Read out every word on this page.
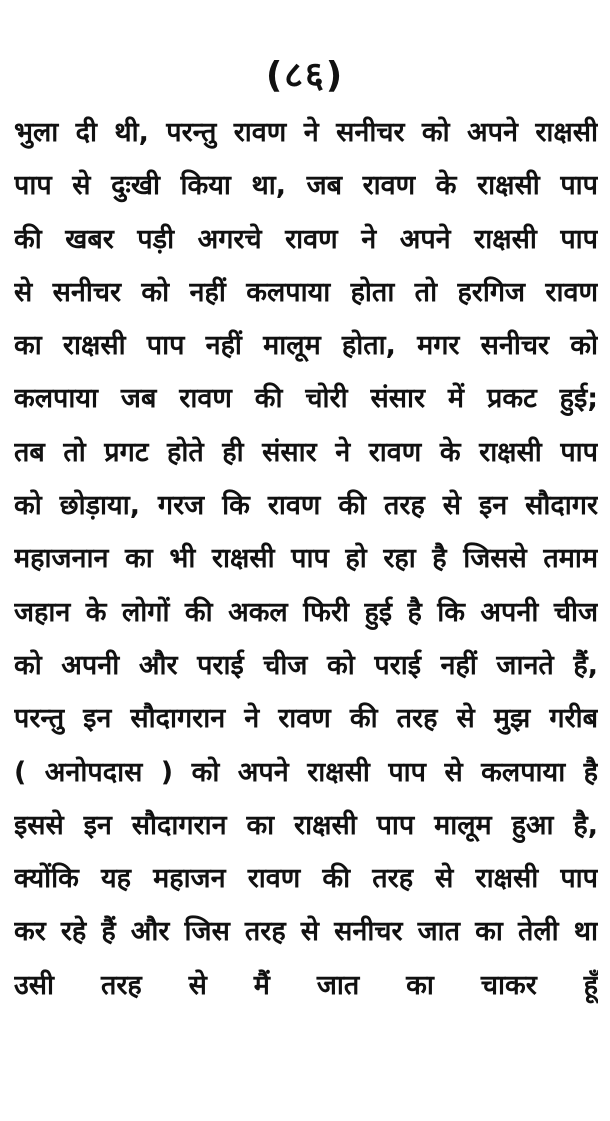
(८६)
भुला दी थी, परन्तु रावण ने सनीचर को अपने राक्षसी
पाप से दुःखी किया था, जब रावण के राक्षसी पाप
की खबर पड़ी अगरचे रावण ने अपने राक्षसी पाप
से सनीचर को नहीं कलपाया होता तो हरगिज रावण
का राक्षसी पाप नहीं मालूम होता, मगर सनीचर को
कलपाया जब रावण की चोरी संसार में प्रकट हुई;
तब तो प्रगट होते ही संसार ने रावण के राक्षसी पाप
को छोड़ाया, गरज कि रावण की तरह से इन सौदागर
महाजनान का भी राक्षसी पाप हो रहा है जिससे तमाम
जहान के लोगों की अकल फिरी हुई है कि अपनी चीज
को अपनी और पराई चीज को पराई नहीं जानते हैं,
परन्तु इन सौदागरान ने रावण की तरह से मुझ गरीब
( अनोपदास ) को अपने राक्षसी पाप से कलपाया है
इससे इन सौदागरान का राक्षसी पाप मालूम हुआ है,
क्योंकि यह महाजन रावण की तरह से राक्षसी पाप
कर रहे हैं और जिस तरह से सनीचर जात का तेली था
उसी तरह से मैं जात का चाकर हूँ
